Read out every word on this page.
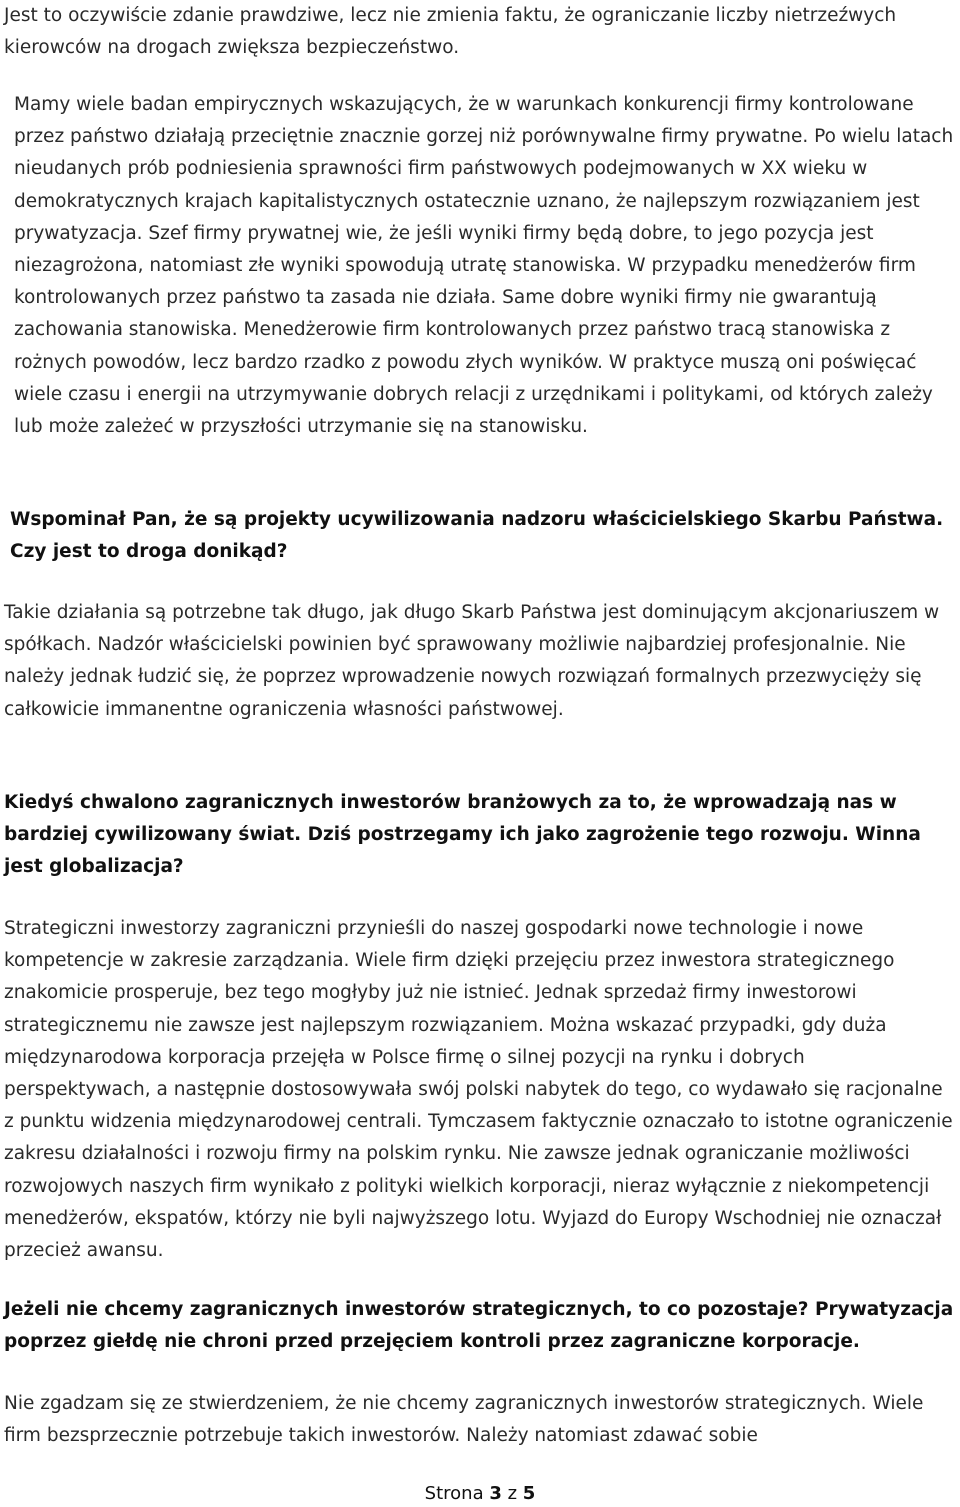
Jest to oczywiście zdanie prawdziwe, lecz nie zmienia faktu, że ograniczanie liczby nietrzeźwych kierowców na drogach zwiększa bezpieczeństwo.

Mamy wiele badan empirycznych wskazujących, że w warunkach konkurencji firmy kontrolowane przez państwo działają przeciętnie znacznie gorzej niż porównywalne firmy prywatne. Po wielu latach nieudanych prób podniesienia sprawności firm państwowych podejmowanych w XX wieku w demokratycznych krajach kapitalistycznych ostatecznie uznano, że najlepszym rozwiązaniem jest prywatyzacja. Szef firmy prywatnej wie, że jeśli wyniki firmy będą dobre, to jego pozycja jest niezagrożona, natomiast złe wyniki spowodują utratę stanowiska. W przypadku menedżerów firm kontrolowanych przez państwo ta zasada nie działa. Same dobre wyniki firmy nie gwarantują zachowania stanowiska. Menedżerowie firm kontrolowanych przez państwo tracą stanowiska z rożnych powodów, lecz bardzo rzadko z powodu złych wyników. W praktyce muszą oni poświęcać wiele czasu i energii na utrzymywanie dobrych relacji z urzędnikami i politykami, od których zależy lub może zależeć w przyszłości utrzymanie się na stanowisku.

Wspominał Pan, że są projekty ucywilizowania nadzoru właścicielskiego Skarbu Państwa. Czy jest to droga donikąd?

Takie działania są potrzebne tak długo, jak długo Skarb Państwa jest dominującym akcjonariuszem w spółkach. Nadzór właścicielski powinien być sprawowany możliwie najbardziej profesjonalnie. Nie należy jednak łudzić się, że poprzez wprowadzenie nowych rozwiązań formalnych przezwycięży się całkowicie immanentne ograniczenia własności państwowej.

Kiedyś chwalono zagranicznych inwestorów branżowych za to, że wprowadzają nas w bardziej cywilizowany świat. Dziś postrzegamy ich jako zagrożenie tego rozwoju. Winna jest globalizacja?

Strategiczni inwestorzy zagraniczni przynieśli do naszej gospodarki nowe technologie i nowe kompetencje w zakresie zarządzania. Wiele firm dzięki przejęciu przez inwestora strategicznego znakomicie prosperuje, bez tego mogłyby już nie istnieć. Jednak sprzedaż firmy inwestorowi strategicznemu nie zawsze jest najlepszym rozwiązaniem. Można wskazać przypadki, gdy duża międzynarodowa korporacja przejęła w Polsce firmę o silnej pozycji na rynku i dobrych perspektywach, a następnie dostosowywała swój polski nabytek do tego, co wydawało się racjonalne z punktu widzenia międzynarodowej centrali. Tymczasem faktycznie oznaczało to istotne ograniczenie zakresu działalności i rozwoju firmy na polskim rynku. Nie zawsze jednak ograniczanie możliwości rozwojowych naszych firm wynikało z polityki wielkich korporacji, nieraz wyłącznie z niekompetencji menedżerów, ekspatów, którzy nie byli najwyższego lotu. Wyjazd do Europy Wschodniej nie oznaczał przecież awansu.

Jeżeli nie chcemy zagranicznych inwestorów strategicznych, to co pozostaje? Prywatyzacja poprzez giełdę nie chroni przed przejęciem kontroli przez zagraniczne korporacje.

Nie zgadzam się ze stwierdzeniem, że nie chcemy zagranicznych inwestorów strategicznych. Wiele firm bezsprzecznie potrzebuje takich inwestorów. Należy natomiast zdawać sobie

Strona 3 z 5
